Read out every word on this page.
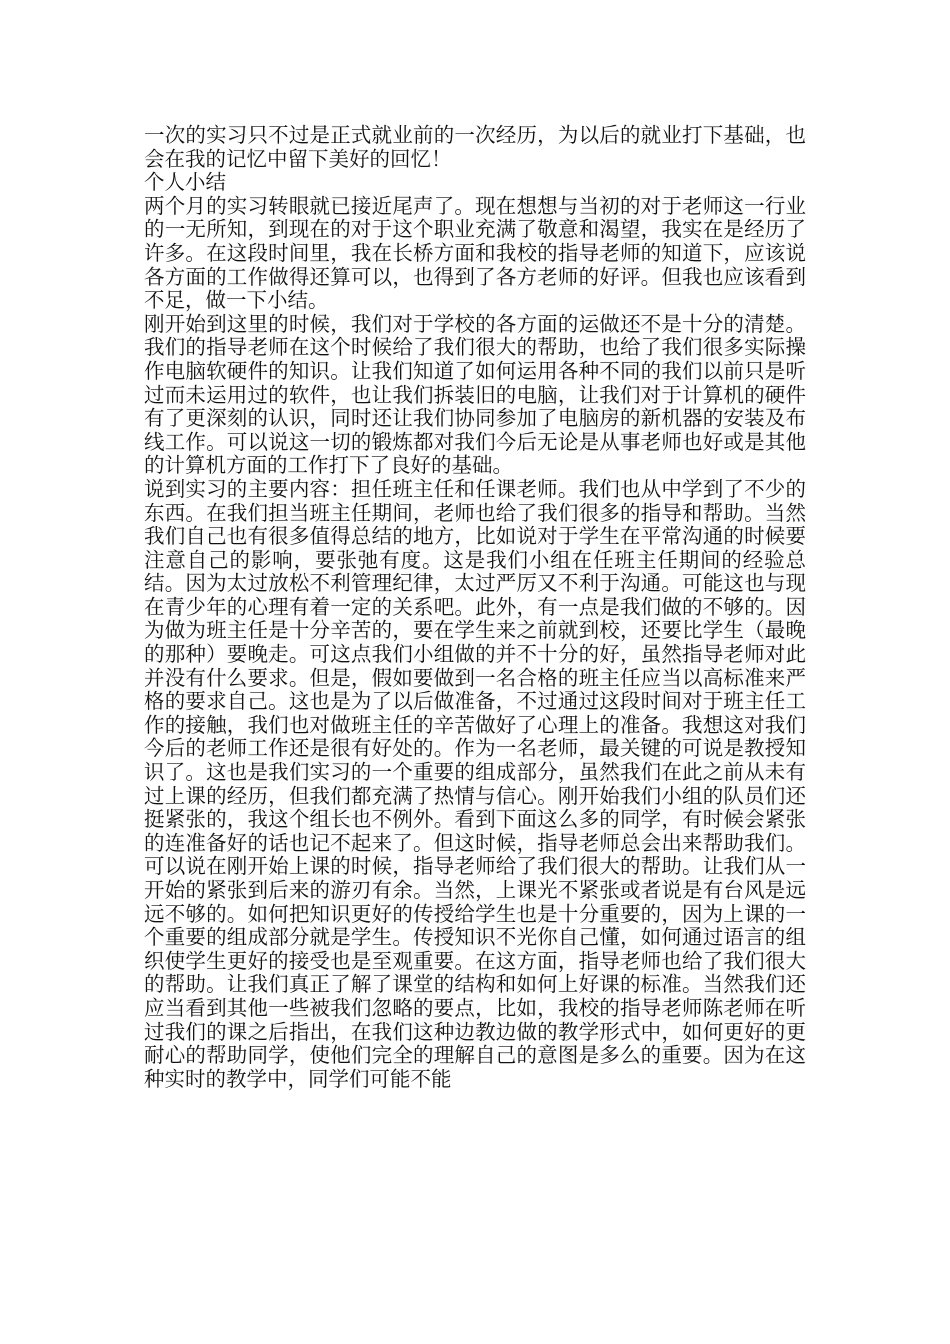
一次的实习只不过是正式就业前的一次经历，为以后的就业打下基础，也会在我的记忆中留下美好的回忆！

个人小结

两个月的实习转眼就已接近尾声了。现在想想与当初的对于老师这一行业的一无所知，到现在的对于这个职业充满了敬意和渴望，我实在是经历了许多。在这段时间里，我在长桥方面和我校的指导老师的知道下，应该说各方面的工作做得还算可以，也得到了各方老师的好评。但我也应该看到不足，做一下小结。

刚开始到这里的时候，我们对于学校的各方面的运做还不是十分的清楚。我们的指导老师在这个时候给了我们很大的帮助，也给了我们很多实际操作电脑软硬件的知识。让我们知道了如何运用各种不同的我们以前只是听过而未运用过的软件，也让我们拆装旧的电脑，让我们对于计算机的硬件有了更深刻的认识，同时还让我们协同参加了电脑房的新机器的安装及布线工作。可以说这一切的锻炼都对我们今后无论是从事老师也好或是其他的计算机方面的工作打下了良好的基础。

说到实习的主要内容：担任班主任和任课老师。我们也从中学到了不少的东西。在我们担当班主任期间，老师也给了我们很多的指导和帮助。当然我们自己也有很多值得总结的地方，比如说对于学生在平常沟通的时候要注意自己的影响，要张弛有度。这是我们小组在任班主任期间的经验总结。因为太过放松不利管理纪律，太过严厉又不利于沟通。可能这也与现在青少年的心理有着一定的关系吧。此外，有一点是我们做的不够的。因为做为班主任是十分辛苦的，要在学生来之前就到校，还要比学生（最晚的那种）要晚走。可这点我们小组做的并不十分的好，虽然指导老师对此并没有什么要求。但是，假如要做到一名合格的班主任应当以高标准来严格的要求自己。这也是为了以后做准备，不过通过这段时间对于班主任工作的接触，我们也对做班主任的辛苦做好了心理上的准备。我想这对我们今后的老师工作还是很有好处的。作为一名老师，最关键的可说是教授知识了。这也是我们实习的一个重要的组成部分，虽然我们在此之前从未有过上课的经历，但我们都充满了热情与信心。刚开始我们小组的队员们还挺紧张的，我这个组长也不例外。看到下面这么多的同学，有时候会紧张的连准备好的话也记不起来了。但这时候，指导老师总会出来帮助我们。可以说在刚开始上课的时候，指导老师给了我们很大的帮助。让我们从一开始的紧张到后来的游刃有余。当然，上课光不紧张或者说是有台风是远远不够的。如何把知识更好的传授给学生也是十分重要的，因为上课的一个重要的组成部分就是学生。传授知识不光你自己懂，如何通过语言的组织使学生更好的接受也是至观重要。在这方面，指导老师也给了我们很大的帮助。让我们真正了解了课堂的结构和如何上好课的标准。当然我们还应当看到其他一些被我们忽略的要点，比如，我校的指导老师陈老师在听过我们的课之后指出，在我们这种边教边做的教学形式中，如何更好的更耐心的帮助同学，使他们完全的理解自己的意图是多么的重要。因为在这种实时的教学中，同学们可能不能
